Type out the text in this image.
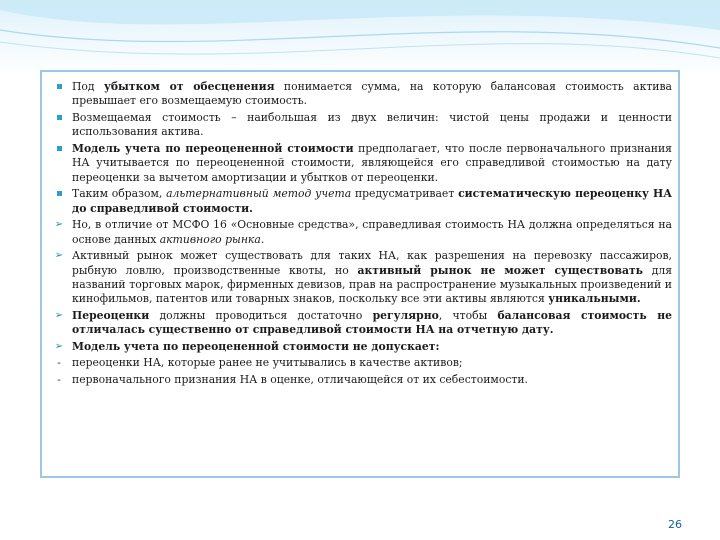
Под убытком от обесценения понимается сумма, на которую балансовая стоимость актива превышает его возмещаемую стоимость.
Возмещаемая стоимость – наибольшая из двух величин: чистой цены продажи и ценности использования актива.
Модель учета по переоцененной стоимости предполагает, что после первоначального признания НА учитывается по переоцененной стоимости, являющейся его справедливой стоимостью на дату переоценки за вычетом амортизации и убытков от переоценки.
Таким образом, альтернативный метод учета предусматривает систематическую переоценку НА до справедливой стоимости.
➢ Но, в отличие от МСФО 16 «Основные средства», справедливая стоимость НА должна определяться на основе данных активного рынка.
➢ Активный рынок может существовать для таких НА, как разрешения на перевозку пассажиров, рыбную ловлю, производственные квоты, но активный рынок не может существовать для названий торговых марок, фирменных девизов, прав на распространение музыкальных произведений и кинофильмов, патентов или товарных знаков, поскольку все эти активы являются уникальными.
➢ Переоценки должны проводиться достаточно регулярно, чтобы балансовая стоимость не отличалась существенно от справедливой стоимости НА на отчетную дату.
➢ Модель учета по переоцененной стоимости не допускает:
-	переоценки НА, которые ранее не учитывались в качестве активов;
-	первоначального признания НА в оценке, отличающейся от их себестоимости.
26
